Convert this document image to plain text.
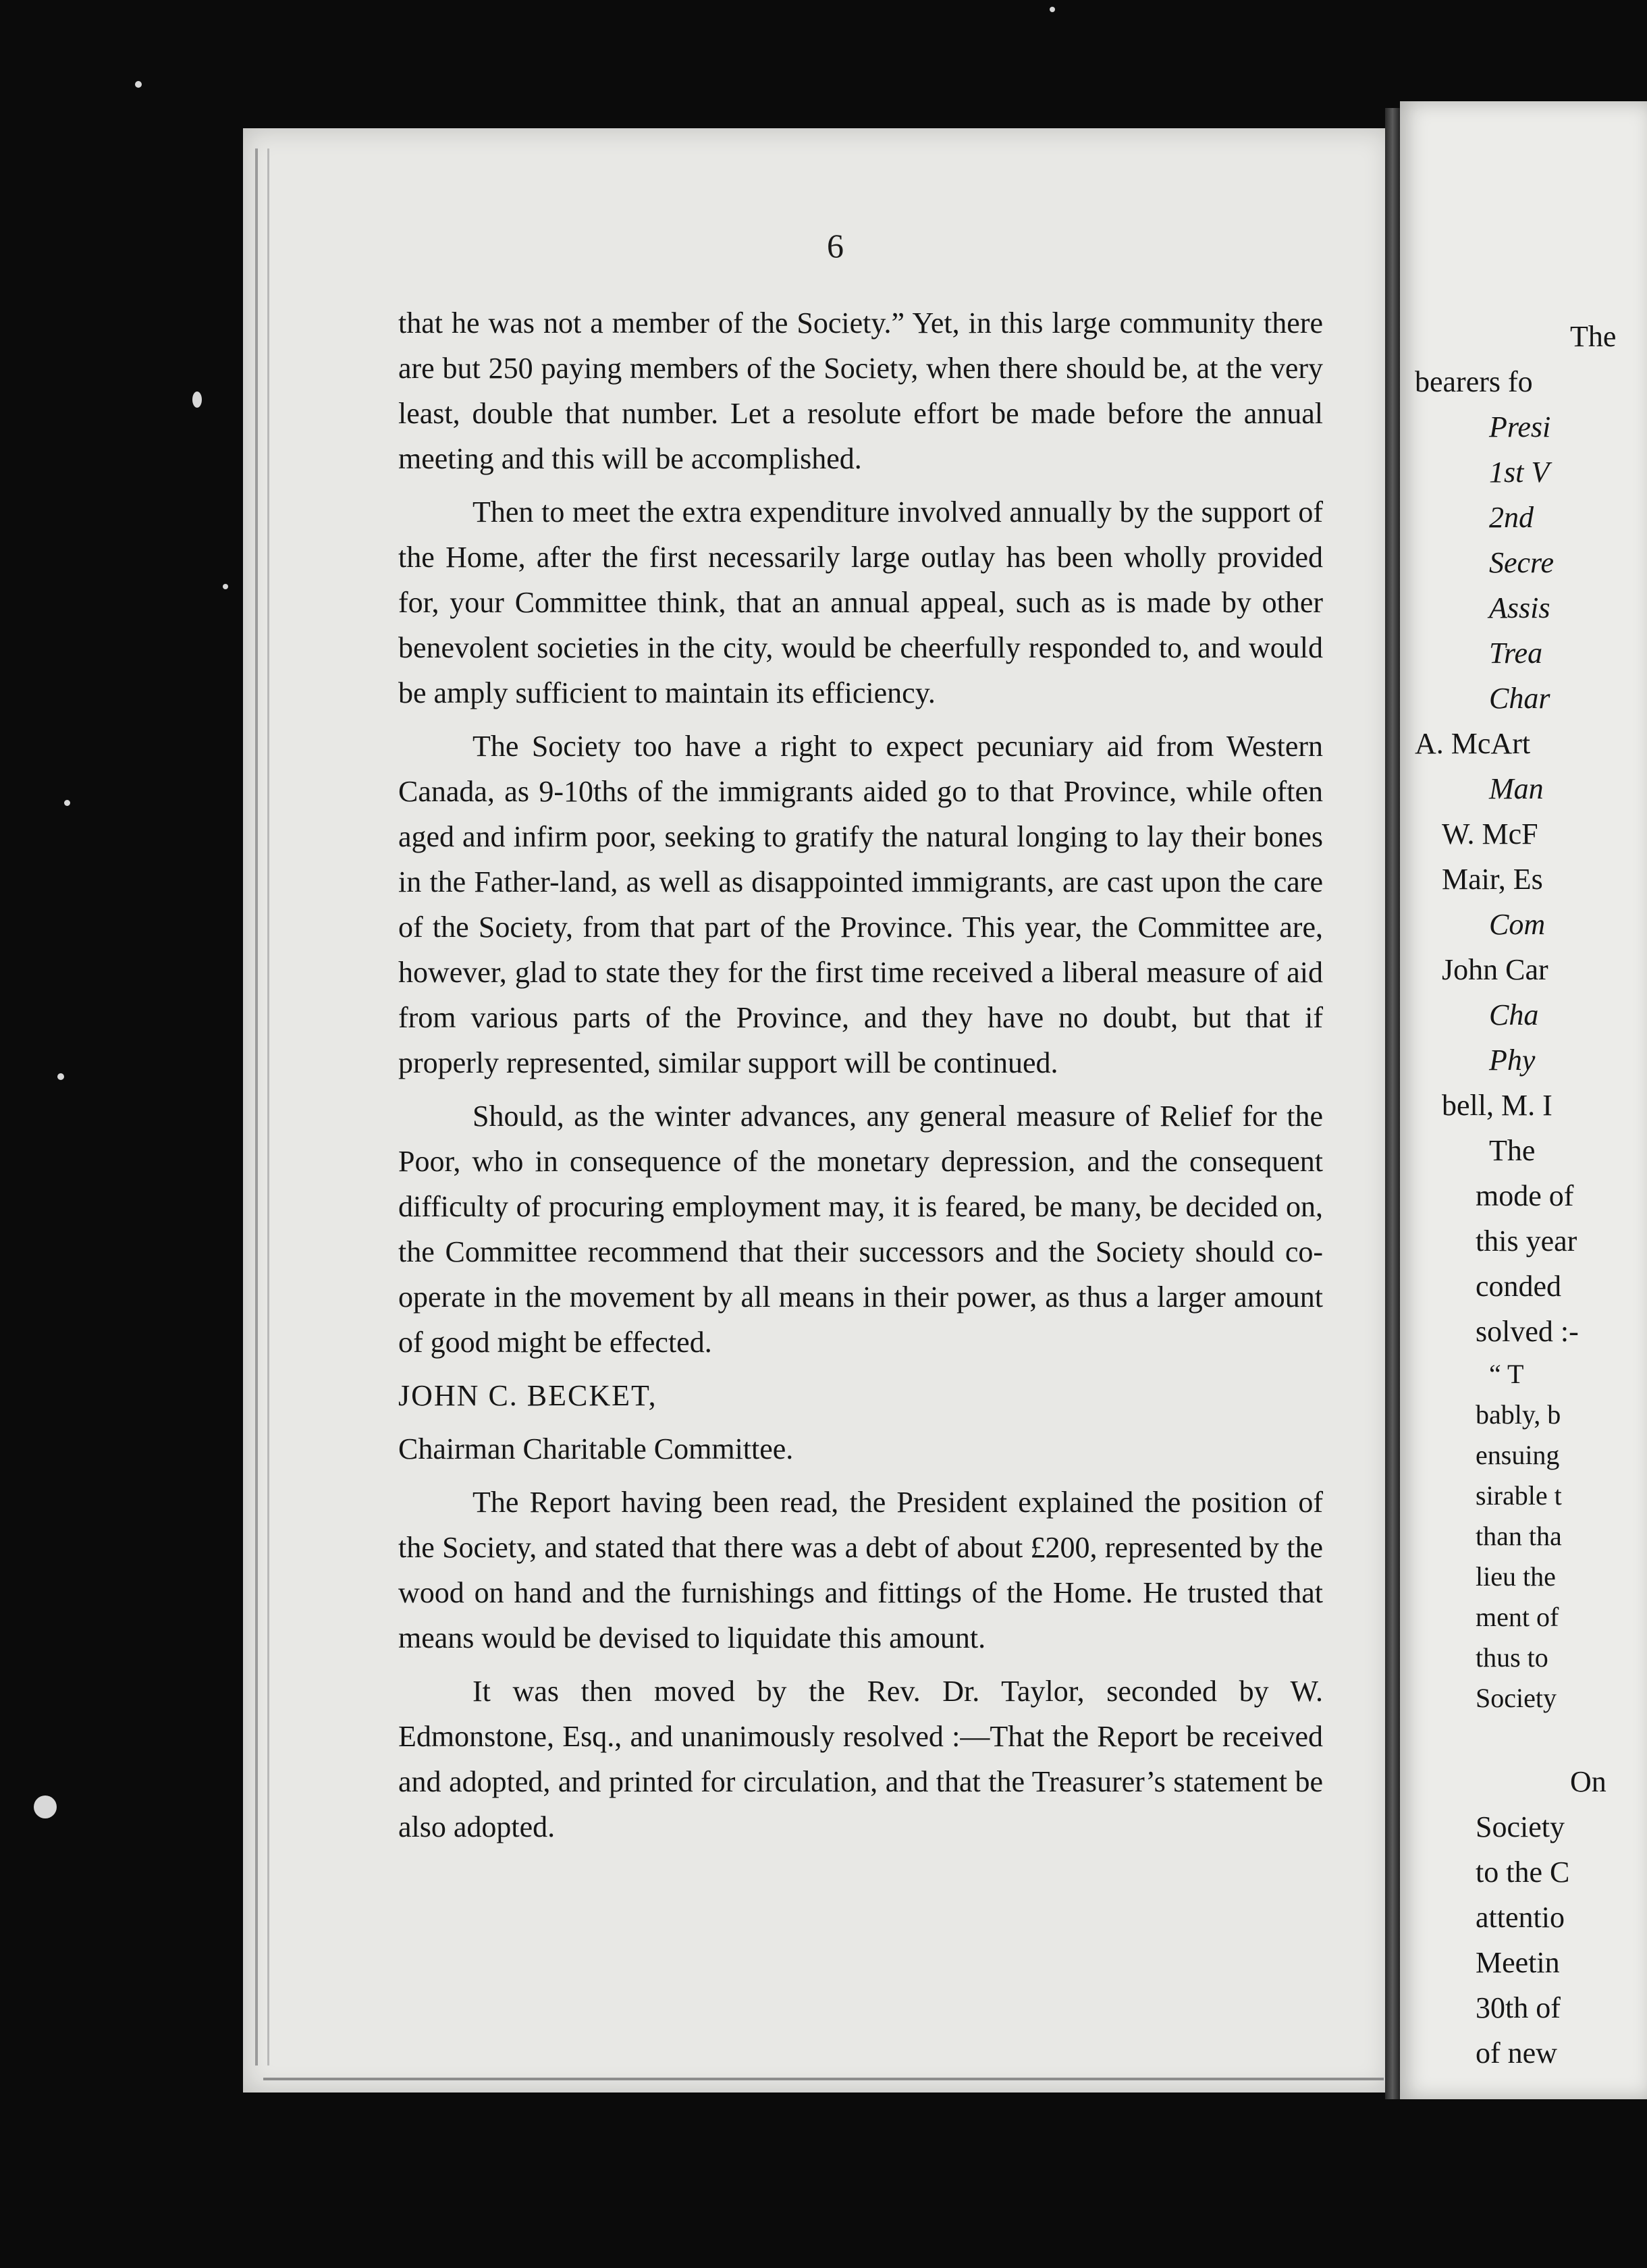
6

that he was not a member of the Society.” Yet, in this large community there are but 250 paying members of the Society, when there should be, at the very least, double that number. Let a resolute effort be made before the annual meeting and this will be accomplished.

Then to meet the extra expenditure involved annually by the support of the Home, after the first necessarily large outlay has been wholly provided for, your Committee think, that an annual appeal, such as is made by other benevolent societies in the city, would be cheerfully responded to, and would be amply sufficient to maintain its efficiency.

The Society too have a right to expect pecuniary aid from Western Canada, as 9-10ths of the immigrants aided go to that Province, while often aged and infirm poor, seeking to gratify the natural longing to lay their bones in the Father-land, as well as disappointed immigrants, are cast upon the care of the Society, from that part of the Province. This year, the Committee are, however, glad to state they for the first time received a liberal measure of aid from various parts of the Province, and they have no doubt, but that if properly represented, similar support will be continued.

Should, as the winter advances, any general measure of Relief for the Poor, who in consequence of the monetary depression, and the consequent difficulty of procuring employment may, it is feared, be many, be decided on, the Committee recommend that their successors and the Society should co-operate in the movement by all means in their power, as thus a larger amount of good might be effected.

JOHN C. BECKET,

Chairman Charitable Committee.

The Report having been read, the President explained the position of the Society, and stated that there was a debt of about £200, represented by the wood on hand and the furnishings and fittings of the Home. He trusted that means would be devised to liquidate this amount.

It was then moved by the Rev. Dr. Taylor, seconded by W. Edmonstone, Esq., and unanimously resolved :—That the Report be received and adopted, and printed for circulation, and that the Treasurer’s statement be also adopted.

The
bearers fo
Presi
1st V
2nd
Secre
Assis
Trea
Char
A. McArt
Man
W. McF
Mair, Es
Com
John Car
Cha
Phy
bell, M. I
The
mode of
this year
conded
solved :-
“ T
bably, b
ensuing
sirable t
than tha
lieu the
ment of
thus to
Society
On
Society
to the C
attentio
Meetin
30th of
of new
